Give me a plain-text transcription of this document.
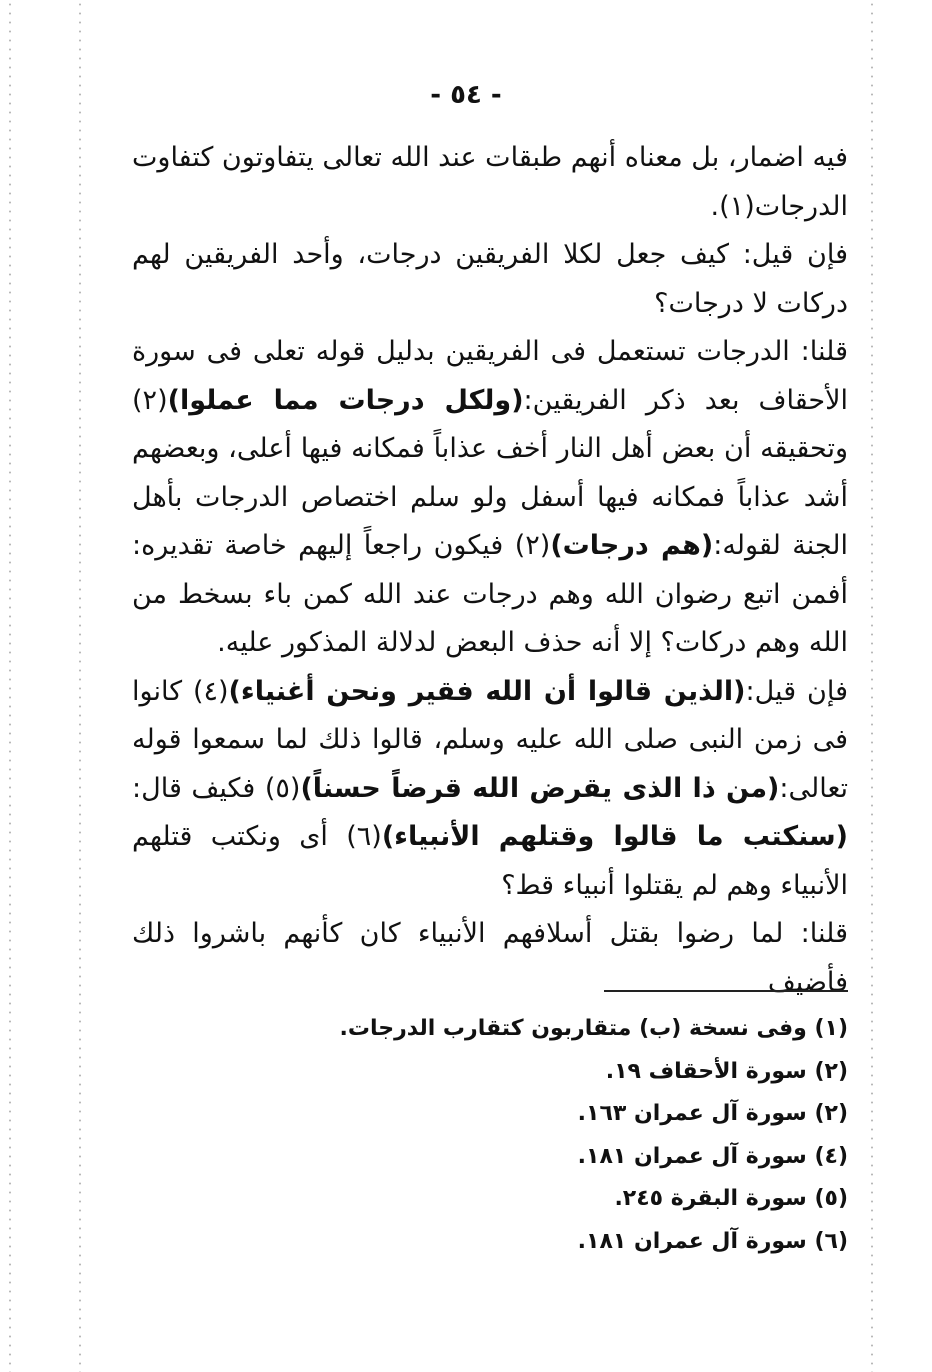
- ٥٤ -

فيه اضمار، بل معناه أنهم طبقات عند الله تعالى يتفاوتون كتفاوت الدرجات(١).

فإن قيل: كيف جعل لكلا الفريقين درجات، وأحد الفريقين لهم دركات لا درجات؟

قلنا: الدرجات تستعمل فى الفريقين بدليل قوله تعلى فى سورة الأحقاف بعد ذكر الفريقين:(ولكل درجات مما عملوا)(٢) وتحقيقه أن بعض أهل النار أخف عذاباً فمكانه فيها أعلى، وبعضهم أشد عذاباً فمكانه فيها أسفل ولو سلم اختصاص الدرجات بأهل الجنة لقوله:(هم درجات)(٢) فيكون راجعاً إليهم خاصة تقديره: أفمن اتبع رضوان الله وهم درجات عند الله كمن باء بسخط من الله وهم دركات؟ إلا أنه حذف البعض لدلالة المذكور عليه.

فإن قيل:(الذين قالوا أن الله فقير ونحن أغنياء)(٤) كانوا فى زمن النبى صلى الله عليه وسلم، قالوا ذلك لما سمعوا قوله تعالى:(من ذا الذى يقرض الله قرضاً حسناً)(٥) فكيف قال:(سنكتب ما قالوا وقتلهم الأنبياء)(٦) أى ونكتب قتلهم الأنبياء وهم لم يقتلوا أنبياء قط؟

قلنا: لما رضوا بقتل أسلافهم الأنبياء كان كأنهم باشروا ذلك فأضيف

(١) وفى نسخة (ب) متقاربون كتقارب الدرجات.
(٢) سورة الأحقاف ١٩.
(٢) سورة آل عمران ١٦٣.
(٤) سورة آل عمران ١٨١.
(٥) سورة البقرة ٢٤٥.
(٦) سورة آل عمران ١٨١.
